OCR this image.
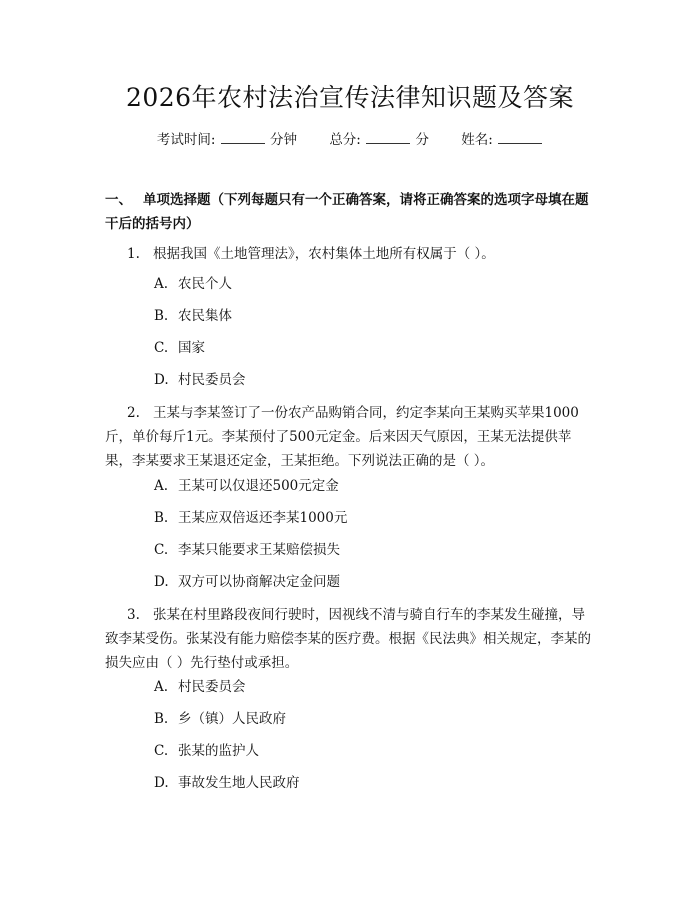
2026年农村法治宣传法律知识题及答案
考试时间:	分钟 总分:	分 姓名:
一、 单项选择题（下列每题只有一个正确答案，请将正确答案的选项字母填在题干后的括号内）
1. 根据我国《土地管理法》，农村集体土地所有权属于（ ）。
A. 农民个人
B. 农民集体
C. 国家
D. 村民委员会
2. 王某与李某签订了一份农产品购销合同，约定李某向王某购买苹果1000斤，单价每斤1元。李某预付了500元定金。后来因天气原因，王某无法提供苹果，李某要求王某退还定金，王某拒绝。下列说法正确的是（ ）。
A. 王某可以仅退还500元定金
B. 王某应双倍返还李某1000元
C. 李某只能要求王某赔偿损失
D. 双方可以协商解决定金问题
3. 张某在村里路段夜间行驶时，因视线不清与骑自行车的李某发生碰撞，导致李某受伤。张某没有能力赔偿李某的医疗费。根据《民法典》相关规定，李某的损失应由（ ）先行垫付或承担。
A. 村民委员会
B. 乡（镇）人民政府
C. 张某的监护人
D. 事故发生地人民政府
